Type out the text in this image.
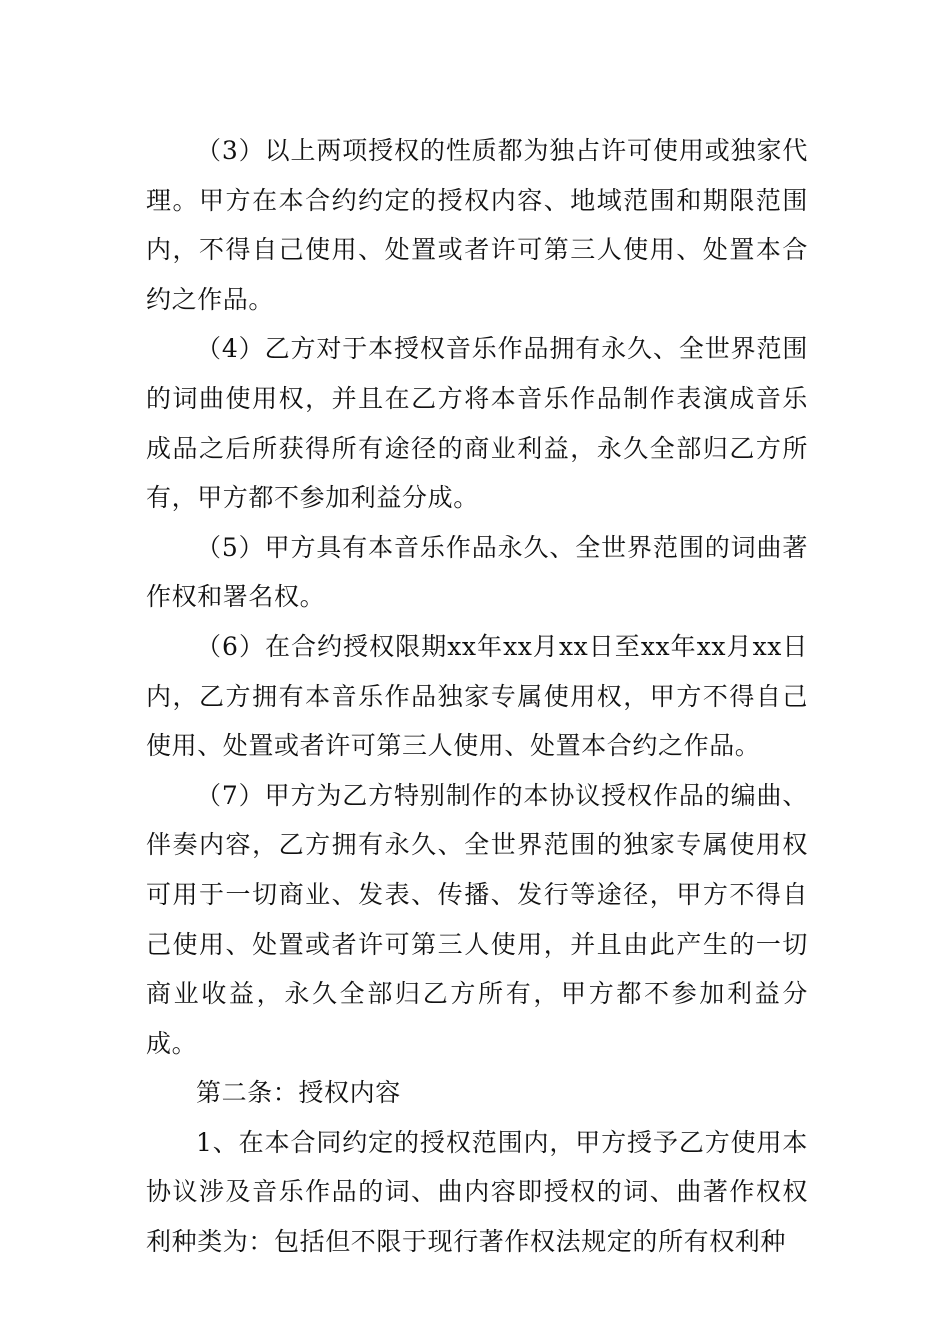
（3）以上两项授权的性质都为独占许可使用或独家代理。甲方在本合约约定的授权内容、地域范围和期限范围内，不得自己使用、处置或者许可第三人使用、处置本合约之作品。

（4）乙方对于本授权音乐作品拥有永久、全世界范围的词曲使用权，并且在乙方将本音乐作品制作表演成音乐成品之后所获得所有途径的商业利益，永久全部归乙方所有，甲方都不参加利益分成。

（5）甲方具有本音乐作品永久、全世界范围的词曲著作权和署名权。

（6）在合约授权限期xx年xx月xx日至xx年xx月xx日内，乙方拥有本音乐作品独家专属使用权，甲方不得自己使用、处置或者许可第三人使用、处置本合约之作品。

（7）甲方为乙方特别制作的本协议授权作品的编曲、伴奏内容，乙方拥有永久、全世界范围的独家专属使用权可用于一切商业、发表、传播、发行等途径，甲方不得自己使用、处置或者许可第三人使用，并且由此产生的一切商业收益，永久全部归乙方所有，甲方都不参加利益分成。

第二条：授权内容

1、在本合同约定的授权范围内，甲方授予乙方使用本协议涉及音乐作品的词、曲内容即授权的词、曲著作权权利种类为：包括但不限于现行著作权法规定的所有权利种
